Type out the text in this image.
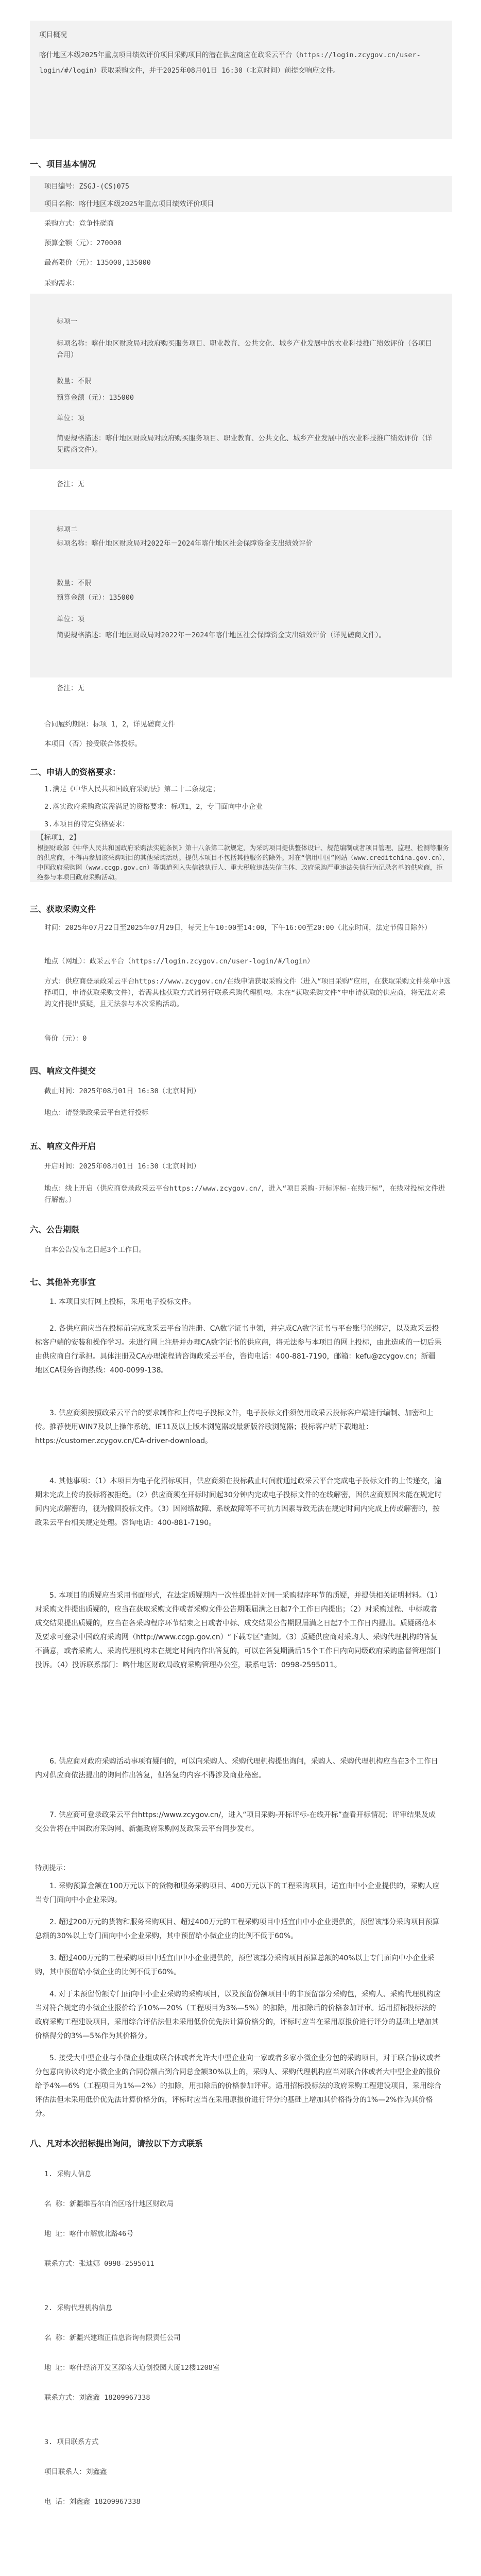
项目概况
喀什地区本级2025年重点项目绩效评价项目采购项目的潜在供应商应在政采云平台（https://login.zcygov.cn/user-login/#/login）获取采购文件，并于2025年08月01日 16:30（北京时间）前提交响应文件。
一、项目基本情况
项目编号：ZSGJ-(CS)075
项目名称：喀什地区本级2025年重点项目绩效评价项目
采购方式：竞争性磋商
预算金额（元）：270000
最高限价（元）：135000,135000
采购需求：
标项一
标项名称：喀什地区财政局对政府购买服务项目、职业教育、公共文化、城乡产业发展中的农业科技推广绩效评价（各项目合用）
数量：不限
预算金额（元）：135000
单位：项
简要规格描述：喀什地区财政局对政府购买服务项目、职业教育、公共文化、城乡产业发展中的农业科技推广绩效评价（详见磋商文件）。
备注：无
标项二
标项名称：喀什地区财政局对2022年－2024年喀什地区社会保障资金支出绩效评价
数量：不限
预算金额（元）：135000
单位：项
简要规格描述：喀什地区财政局对2022年－2024年喀什地区社会保障资金支出绩效评价（详见磋商文件）。
备注：无
合同履约期限：标项 1，2，详见磋商文件
本项目（否）接受联合体投标。
二、申请人的资格要求：
1.满足《中华人民共和国政府采购法》第二十二条规定；
2.落实政府采购政策需满足的资格要求：标项1，2，专门面向中小企业
3.本项目的特定资格要求：
【标项1，2】
根据财政部《中华人民共和国政府采购法实施条例》第十八条第二款规定，为采购项目提供整体设计、规范编制或者项目管理、监理、检测等服务的供应商，不得再参加该采购项目的其他采购活动。提供本项目不包括其他服务的除外。对在“信用中国”网站（www.creditchina.gov.cn）、中国政府采购网（www.ccgp.gov.cn）等渠道列入失信被执行人、重大税收违法失信主体、政府采购严重违法失信行为记录名单的供应商，拒绝参与本项目政府采购活动。
三、获取采购文件
时间：2025年07月22日至2025年07月29日，每天上午10:00至14:00，下午16:00至20:00（北京时间，法定节假日除外）
地点（网址）：政采云平台（https://login.zcygov.cn/user-login/#/login）
方式：供应商登录政采云平台https://www.zcygov.cn/在线申请获取采购文件（进入“项目采购”应用，在获取采购文件菜单中选择项目，申请获取采购文件），若需其他获取方式请另行联系采购代理机构。未在“获取采购文件”中申请获取的供应商，将无法对采购文件提出质疑，且无法参与本次采购活动。
售价（元）：0
四、响应文件提交
截止时间：2025年08月01日 16:30（北京时间）
地点：请登录政采云平台进行投标
五、响应文件开启
开启时间：2025年08月01日 16:30（北京时间）
地点：线上开启（供应商登录政采云平台https://www.zcygov.cn/，进入“项目采购-开标评标-在线开标”，在线对投标文件进行解密。）
六、公告期限
自本公告发布之日起3个工作日。
七、其他补充事宜
1. 本项目实行网上投标，采用电子投标文件。
2. 各供应商应当在投标前完成政采云平台的注册、CA数字证书申领，并完成CA数字证书与平台账号的绑定，以及政采云投标客户端的安装和操作学习。未进行网上注册并办理CA数字证书的供应商，将无法参与本项目的网上投标，由此造成的一切后果由供应商自行承担。具体注册及CA办理流程请咨询政采云平台，咨询电话：400-881-7190，邮箱：kefu@zcygov.cn；新疆地区CA服务咨询热线：400-0099-138。
3. 供应商须按照政采云平台的要求制作和上传电子投标文件，电子投标文件须使用政采云投标客户端进行编制、加密和上传。推荐使用WIN7及以上操作系统、IE11及以上版本浏览器或最新版谷歌浏览器；投标客户端下载地址：https://customer.zcygov.cn/CA-driver-download。
4. 其他事项：（1）本项目为电子化招标项目，供应商须在投标截止时间前通过政采云平台完成电子投标文件的上传递交，逾期未完成上传的投标将被拒绝。（2）供应商须在开标时间起30分钟内完成电子投标文件的在线解密，因供应商原因未能在规定时间内完成解密的，视为撤回投标文件。（3）因网络故障、系统故障等不可抗力因素导致无法在规定时间内完成上传或解密的，按政采云平台相关规定处理。咨询电话：400-881-7190。
5. 本项目的质疑应当采用书面形式，在法定质疑期内一次性提出针对同一采购程序环节的质疑，并提供相关证明材料。（1）对采购文件提出质疑的，应当在获取采购文件或者采购文件公告期限届满之日起7个工作日内提出；（2）对采购过程、中标或者成交结果提出质疑的，应当在各采购程序环节结束之日或者中标、成交结果公告期限届满之日起7个工作日内提出。质疑函范本及要求可登录中国政府采购网（http://www.ccgp.gov.cn）“下载专区”查阅。（3）质疑供应商对采购人、采购代理机构的答复不满意，或者采购人、采购代理机构未在规定时间内作出答复的，可以在答复期满后15个工作日内向同级政府采购监督管理部门投诉。（4）投诉联系部门：喀什地区财政局政府采购管理办公室，联系电话：0998-2595011。
6. 供应商对政府采购活动事项有疑问的，可以向采购人、采购代理机构提出询问，采购人、采购代理机构应当在3个工作日内对供应商依法提出的询问作出答复，但答复的内容不得涉及商业秘密。
7. 供应商可登录政采云平台https://www.zcygov.cn/，进入“项目采购-开标评标-在线开标”查看开标情况；评审结果及成交公告将在中国政府采购网、新疆政府采购网及政采云平台同步发布。
特别提示：
1. 采购预算金额在100万元以下的货物和服务采购项目、400万元以下的工程采购项目，适宜由中小企业提供的，采购人应当专门面向中小企业采购。
2. 超过200万元的货物和服务采购项目、超过400万元的工程采购项目中适宜由中小企业提供的，预留该部分采购项目预算总额的30%以上专门面向中小企业采购，其中预留给小微企业的比例不低于60%。
3. 超过400万元的工程采购项目中适宜由中小企业提供的，预留该部分采购项目预算总额的40%以上专门面向中小企业采购，其中预留给小微企业的比例不低于60%。
4. 对于未预留份额专门面向中小企业采购的采购项目，以及预留份额项目中的非预留部分采购包，采购人、采购代理机构应当对符合规定的小微企业报价给予10%—20%（工程项目为3%—5%）的扣除，用扣除后的价格参加评审。适用招标投标法的政府采购工程建设项目，采用综合评估法但未采用低价优先法计算价格分的，评标时应当在采用原报价进行评分的基础上增加其价格得分的3%—5%作为其价格分。
5. 接受大中型企业与小微企业组成联合体或者允许大中型企业向一家或者多家小微企业分包的采购项目，对于联合协议或者分包意向协议约定小微企业的合同份额占到合同总金额30%以上的，采购人、采购代理机构应当对联合体或者大中型企业的报价给予4%—6%（工程项目为1%—2%）的扣除，用扣除后的价格参加评审。适用招标投标法的政府采购工程建设项目，采用综合评估法但未采用低价优先法计算价格分的，评标时应当在采用原报价进行评分的基础上增加其价格得分的1%—2%作为其价格分。
八、凡对本次招标提出询问，请按以下方式联系
1. 采购人信息
名 称：新疆维吾尔自治区喀什地区财政局
地 址：喀什市解放北路46号
联系方式：张迪娜 0998-2595011
2. 采购代理机构信息
名 称：新疆兴建瑞正信息咨询有限责任公司
地 址：喀什经济开发区深喀大道创投园大厦12楼1208室
联系方式：刘鑫鑫 18209967338
3. 项目联系方式
项目联系人：刘鑫鑫
电 话：刘鑫鑫 18209967338
